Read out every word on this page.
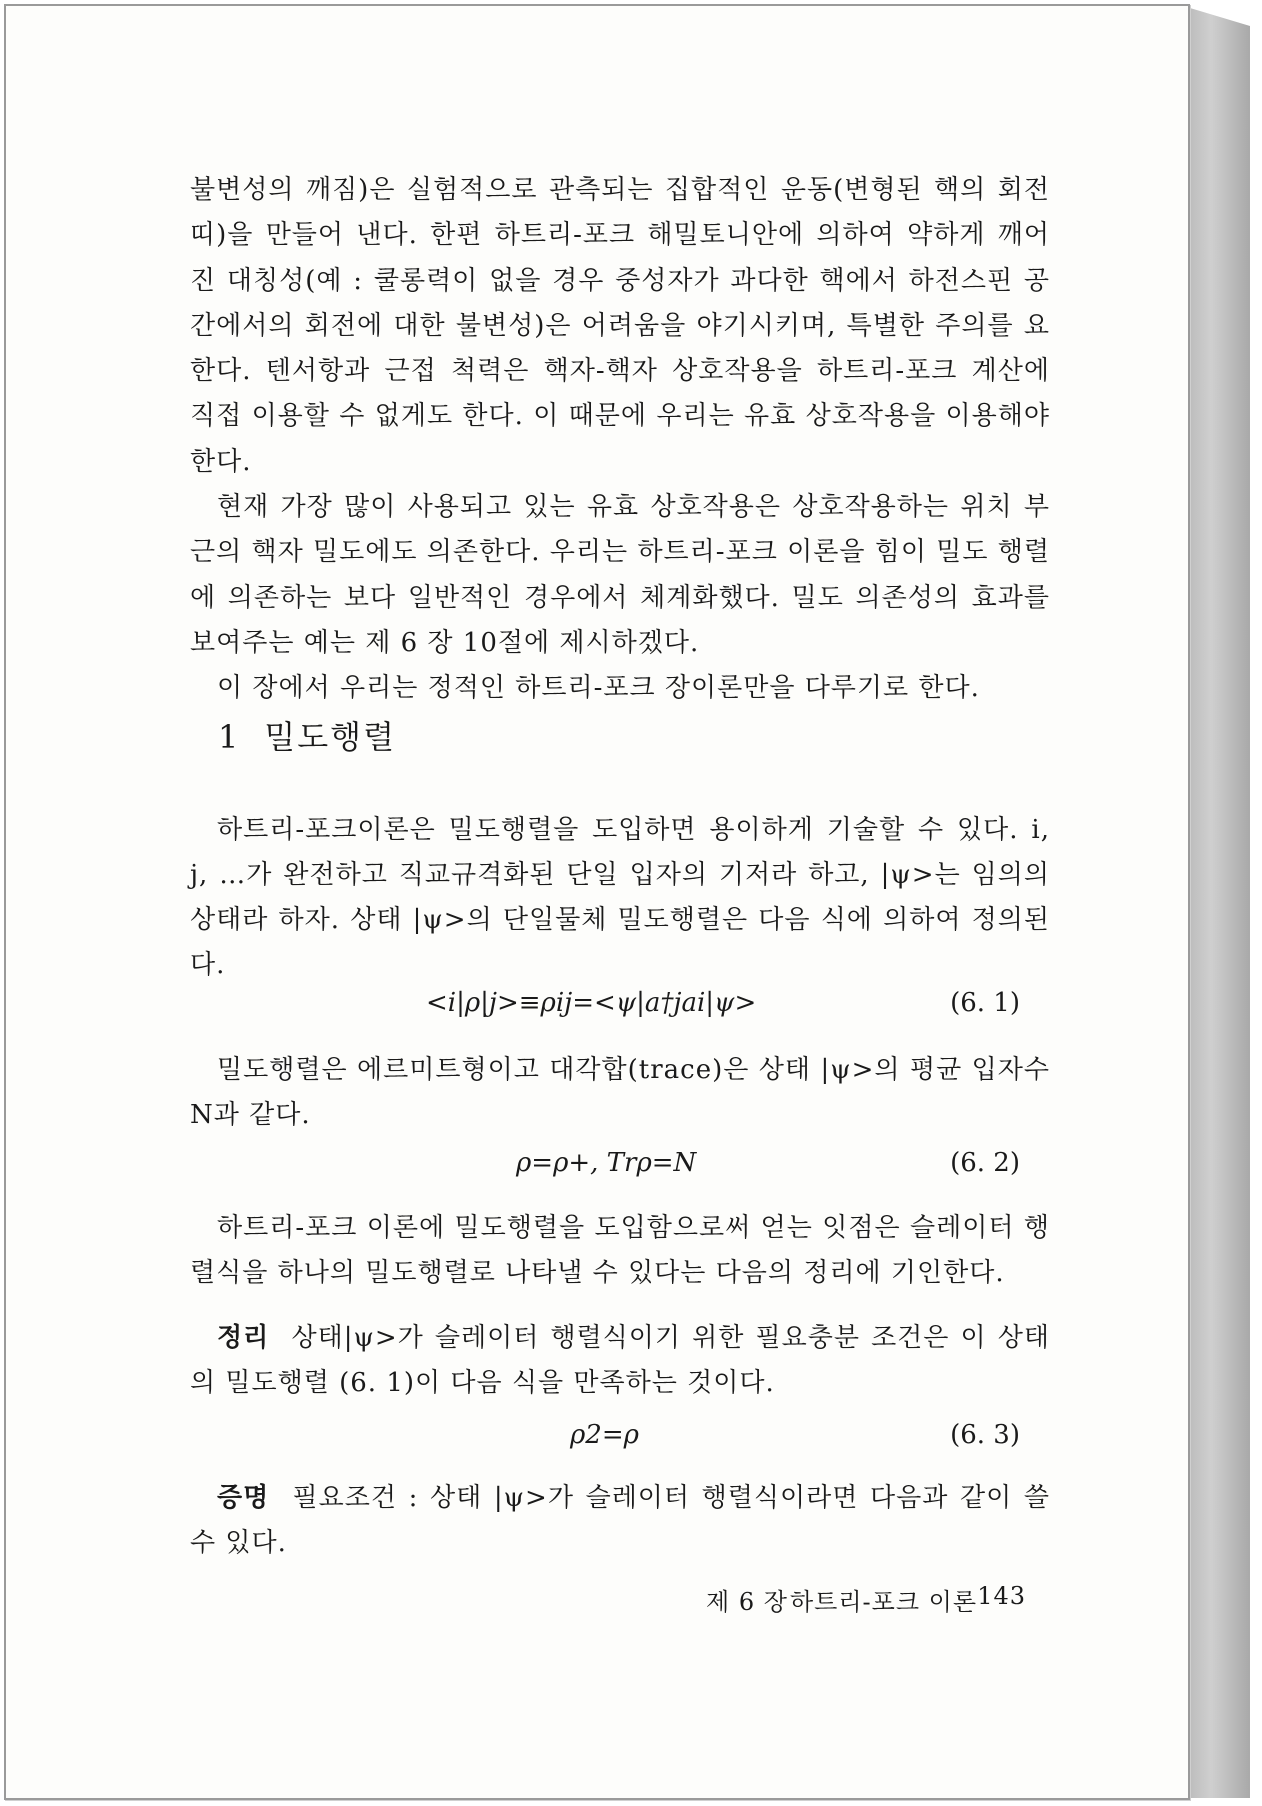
불변성의 깨짐)은 실험적으로 관측되는 집합적인 운동(변형된 핵의 회전띠)을 만들어 낸다. 한편 하트리-포크 해밀토니안에 의하여 약하게 깨어진 대칭성(예 : 쿨롱력이 없을 경우 중성자가 과다한 핵에서 하전스핀 공간에서의 회전에 대한 불변성)은 어려움을 야기시키며, 특별한 주의를 요한다. 텐서항과 근접 척력은 핵자-핵자 상호작용을 하트리-포크 계산에 직접 이용할 수 없게도 한다. 이 때문에 우리는 유효 상호작용을 이용해야 한다.

현재 가장 많이 사용되고 있는 유효 상호작용은 상호작용하는 위치 부근의 핵자 밀도에도 의존한다. 우리는 하트리-포크 이론을 힘이 밀도 행렬에 의존하는 보다 일반적인 경우에서 체계화했다. 밀도 의존성의 효과를 보여주는 예는 제 6 장 10절에 제시하겠다.

이 장에서 우리는 정적인 하트리-포크 장이론만을 다루기로 한다.

1 밀도행렬

하트리-포크이론은 밀도행렬을 도입하면 용이하게 기술할 수 있다. i, j, …가 완전하고 직교규격화된 단일 입자의 기저라 하고, |ψ>는 임의의 상태라 하자. 상태 |ψ>의 단일물체 밀도행렬은 다음 식에 의하여 정의된다.

<i|ρ|j>≡ρij=<ψ|a†jai|ψ>	(6. 1)

밀도행렬은 에르미트형이고 대각합(trace)은 상태 |ψ>의 평균 입자수 N과 같다.

ρ=ρ+, Trρ=N	(6. 2)

하트리-포크 이론에 밀도행렬을 도입함으로써 얻는 잇점은 슬레이터 행렬식을 하나의 밀도행렬로 나타낼 수 있다는 다음의 정리에 기인한다.

정리 상태|ψ>가 슬레이터 행렬식이기 위한 필요충분 조건은 이 상태의 밀도행렬 (6. 1)이 다음 식을 만족하는 것이다.

ρ2=ρ	(6. 3)

증명 필요조건 : 상태 |ψ>가 슬레이터 행렬식이라면 다음과 같이 쓸 수 있다.

제 6 장 하트리-포크 이론 143
